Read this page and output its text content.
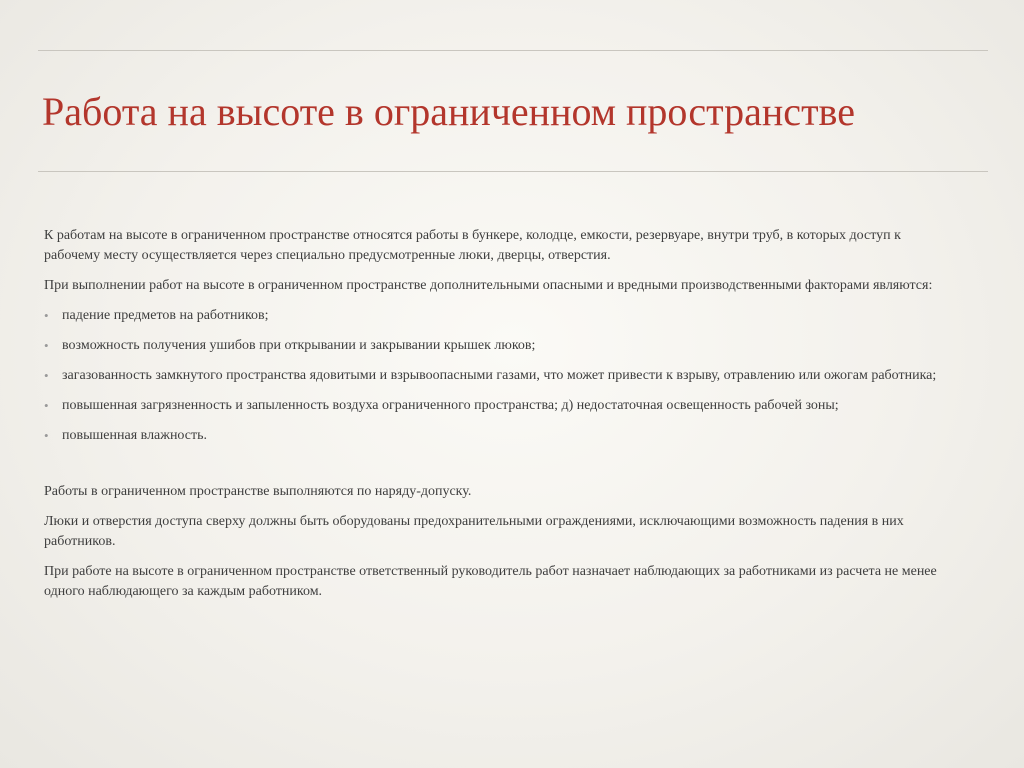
Работа на высоте в ограниченном пространстве

К работам на высоте в ограниченном пространстве относятся работы в бункере, колодце, емкости, резервуаре, внутри труб, в которых доступ к рабочему месту осуществляется через специально предусмотренные люки, дверцы, отверстия.

При выполнении работ на высоте в ограниченном пространстве дополнительными опасными и вредными производственными факторами являются:

• падение предметов на работников;
• возможность получения ушибов при открывании и закрывании крышек люков;
• загазованность замкнутого пространства ядовитыми и взрывоопасными газами, что может привести к взрыву, отравлению или ожогам работника;
• повышенная загрязненность и запыленность воздуха ограниченного пространства; д) недостаточная освещенность рабочей зоны;
• повышенная влажность.

Работы в ограниченном пространстве выполняются по наряду-допуску.

Люки и отверстия доступа сверху должны быть оборудованы предохранительными ограждениями, исключающими возможность падения в них работников.

При работе на высоте в ограниченном пространстве ответственный руководитель работ назначает наблюдающих за работниками из расчета не менее одного наблюдающего за каждым работником.
